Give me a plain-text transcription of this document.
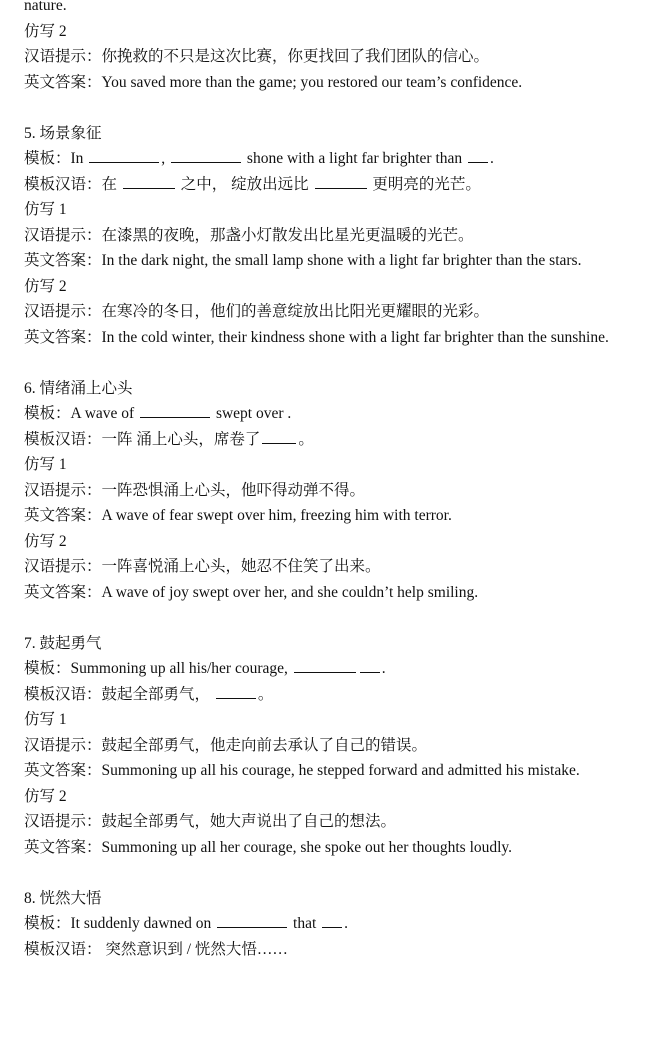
nature.
仿写 2
汉语提示：你挽救的不只是这次比赛，你更找回了我们团队的信心。
英文答案：You saved more than the game; you restored our team’s confidence.
5. 场景象征
模板：In	,	shone with a light far brighter than .
模板汉语：在	之中， 绽放出远比	更明亮的光芒。
仿写 1
汉语提示：在漆黑的夜晚，那盏小灯散发出比星光更温暖的光芒。
英文答案：In the dark night, the small lamp shone with a light far brighter than the stars.
仿写 2
汉语提示：在寒冷的冬日，他们的善意绽放出比阳光更耀眼的光彩。
英文答案：In the cold winter, their kindness shone with a light far brighter than the sunshine.
6. 情绪涌上心头
模板：A wave of	swept over .
模板汉语：一阵 涌上心头，席卷了 。
仿写 1
汉语提示：一阵恐惧涌上心头，他吓得动弹不得。
英文答案：A wave of fear swept over him, freezing him with terror.
仿写 2
汉语提示：一阵喜悦涌上心头，她忍不住笑了出来。
英文答案：A wave of joy swept over her, and she couldn’t help smiling.
7. 鼓起勇气
模板：Summoning up all his/her courage,	.
模板汉语：鼓起全部勇气，	。
仿写 1
汉语提示：鼓起全部勇气，他走向前去承认了自己的错误。
英文答案：Summoning up all his courage, he stepped forward and admitted his mistake.
仿写 2
汉语提示：鼓起全部勇气，她大声说出了自己的想法。
英文答案：Summoning up all her courage, she spoke out her thoughts loudly.
8. 恍然大悟
模板：It suddenly dawned on	that .
模板汉语： 突然意识到 / 恍然大悟……
